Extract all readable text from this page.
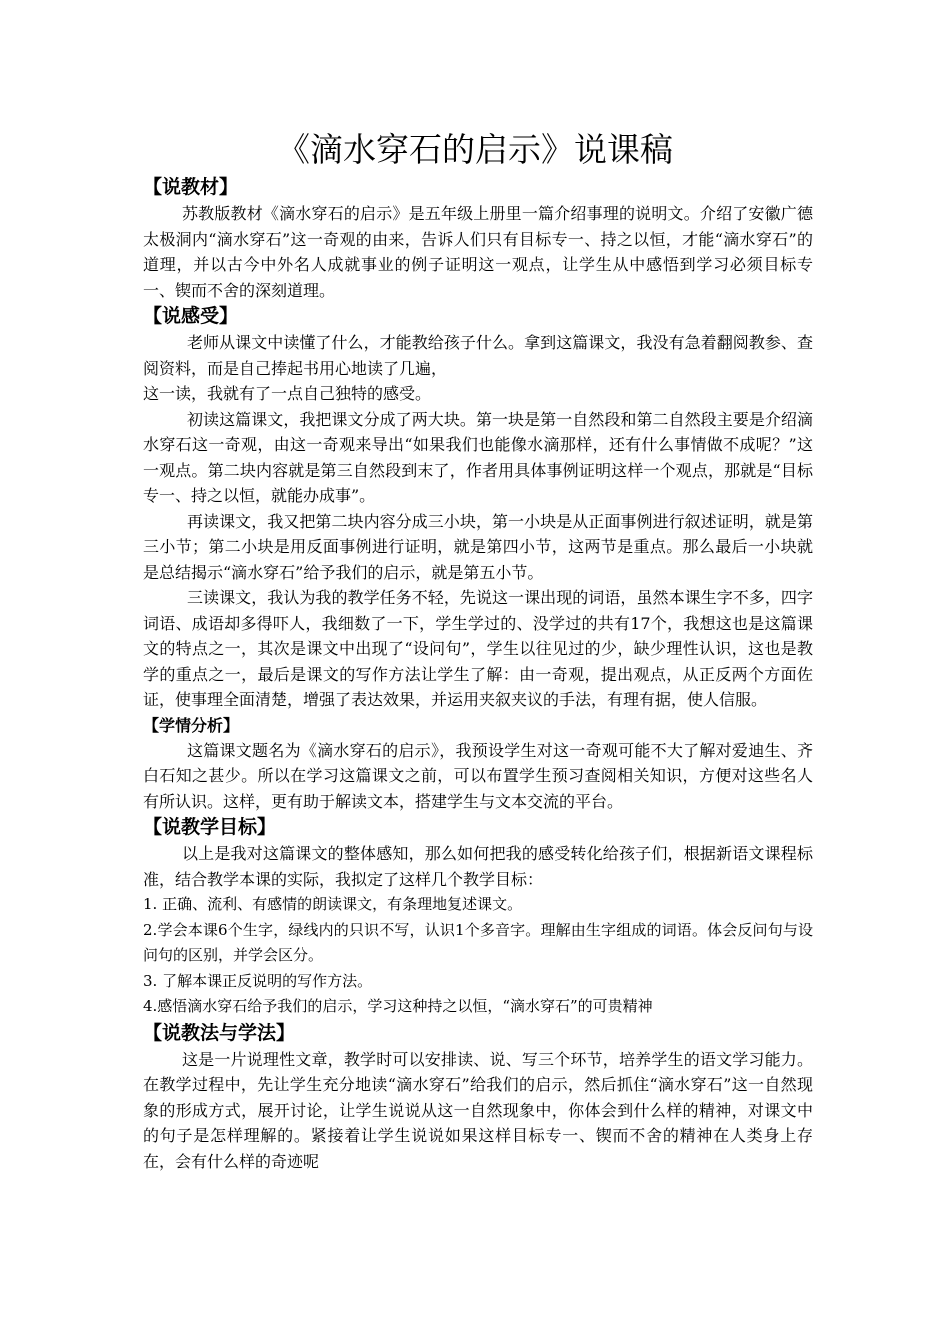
《滴水穿石的启示》说课稿
【说教材】

苏教版教材《滴水穿石的启示》是五年级上册里一篇介绍事理的说明文。介绍了安徽广德太极洞内“滴水穿石”这一奇观的由来，告诉人们只有目标专一、持之以恒，才能“滴水穿石”的道理，并以古今中外名人成就事业的例子证明这一观点，让学生从中感悟到学习必须目标专一、锲而不舍的深刻道理。

【说感受】

老师从课文中读懂了什么，才能教给孩子什么。拿到这篇课文，我没有急着翻阅教参、查阅资料，而是自己捧起书用心地读了几遍，

这一读，我就有了一点自己独特的感受。

初读这篇课文，我把课文分成了两大块。第一块是第一自然段和第二自然段主要是介绍滴水穿石这一奇观，由这一奇观来导出“如果我们也能像水滴那样，还有什么事情做不成呢？”这一观点。第二块内容就是第三自然段到末了，作者用具体事例证明这样一个观点，那就是“目标专一、持之以恒，就能办成事”。

再读课文，我又把第二块内容分成三小块，第一小块是从正面事例进行叙述证明，就是第三小节；第二小块是用反面事例进行证明，就是第四小节，这两节是重点。那么最后一小块就是总结揭示“滴水穿石”给予我们的启示，就是第五小节。

三读课文，我认为我的教学任务不轻，先说这一课出现的词语，虽然本课生字不多，四字词语、成语却多得吓人，我细数了一下，学生学过的、没学过的共有17个，我想这也是这篇课文的特点之一，其次是课文中出现了“设问句”，学生以往见过的少，缺少理性认识，这也是教学的重点之一，最后是课文的写作方法让学生了解：由一奇观，提出观点，从正反两个方面佐证，使事理全面清楚，增强了表达效果，并运用夹叙夹议的手法，有理有据，使人信服。

【学情分析】

这篇课文题名为《滴水穿石的启示》，我预设学生对这一奇观可能不大了解对爱迪生、齐白石知之甚少。所以在学习这篇课文之前，可以布置学生预习查阅相关知识，方便对这些名人有所认识。这样，更有助于解读文本，搭建学生与文本交流的平台。

【说教学目标】

以上是我对这篇课文的整体感知，那么如何把我的感受转化给孩子们，根据新语文课程标准，结合教学本课的实际，我拟定了这样几个教学目标：

1. 正确、流利、有感情的朗读课文，有条理地复述课文。

2.学会本课6个生字，绿线内的只识不写，认识1个多音字。理解由生字组成的词语。体会反问句与设问句的区别，并学会区分。

3. 了解本课正反说明的写作方法。

4.感悟滴水穿石给予我们的启示，学习这种持之以恒，“滴水穿石”的可贵精神

【说教法与学法】

这是一片说理性文章，教学时可以安排读、说、写三个环节，培养学生的语文学习能力。在教学过程中，先让学生充分地读“滴水穿石”给我们的启示，然后抓住“滴水穿石”这一自然现象的形成方式，展开讨论，让学生说说从这一自然现象中，你体会到什么样的精神，对课文中的句子是怎样理解的。紧接着让学生说说如果这样目标专一、锲而不舍的精神在人类身上存在，会有什么样的奇迹呢
